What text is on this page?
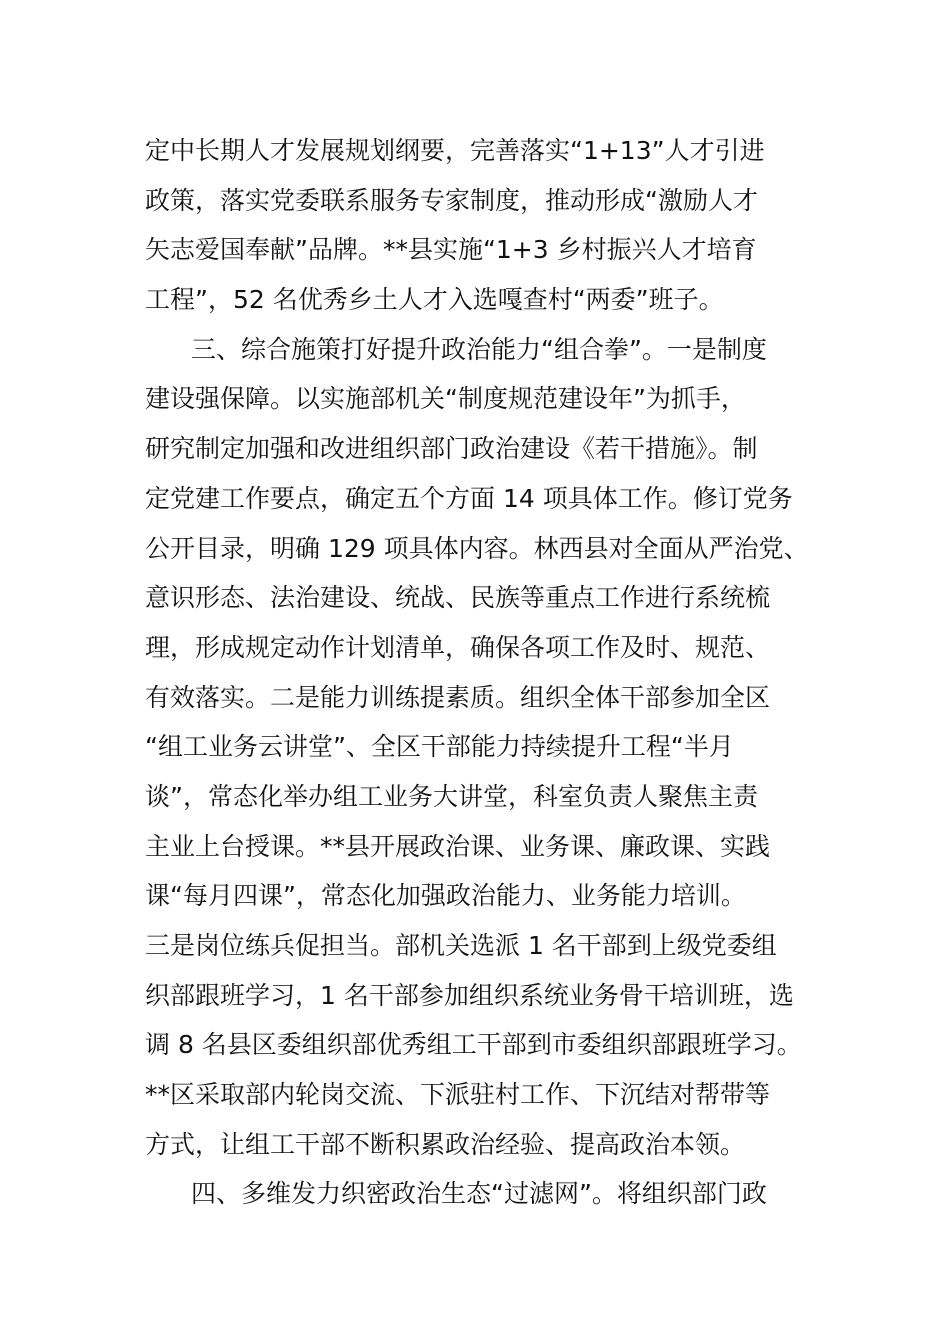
定中长期人才发展规划纲要，完善落实“1+13”人才引进
政策，落实党委联系服务专家制度，推动形成“激励人才
矢志爱国奉献”品牌。**县实施“1+3 乡村振兴人才培育
工程”，52 名优秀乡土人才入选嘎查村“两委”班子。
三、综合施策打好提升政治能力“组合拳”。一是制度
建设强保障。以实施部机关“制度规范建设年”为抓手，
研究制定加强和改进组织部门政治建设《若干措施》。制
定党建工作要点，确定五个方面 14 项具体工作。修订党务
公开目录，明确 129 项具体内容。林西县对全面从严治党、
意识形态、法治建设、统战、民族等重点工作进行系统梳
理，形成规定动作计划清单，确保各项工作及时、规范、
有效落实。二是能力训练提素质。组织全体干部参加全区
“组工业务云讲堂”、全区干部能力持续提升工程“半月
谈”，常态化举办组工业务大讲堂，科室负责人聚焦主责
主业上台授课。**县开展政治课、业务课、廉政课、实践
课“每月四课”，常态化加强政治能力、业务能力培训。
三是岗位练兵促担当。部机关选派 1 名干部到上级党委组
织部跟班学习，1 名干部参加组织系统业务骨干培训班，选
调 8 名县区委组织部优秀组工干部到市委组织部跟班学习。
**区采取部内轮岗交流、下派驻村工作、下沉结对帮带等
方式，让组工干部不断积累政治经验、提高政治本领。
四、多维发力织密政治生态“过滤网”。将组织部门政
